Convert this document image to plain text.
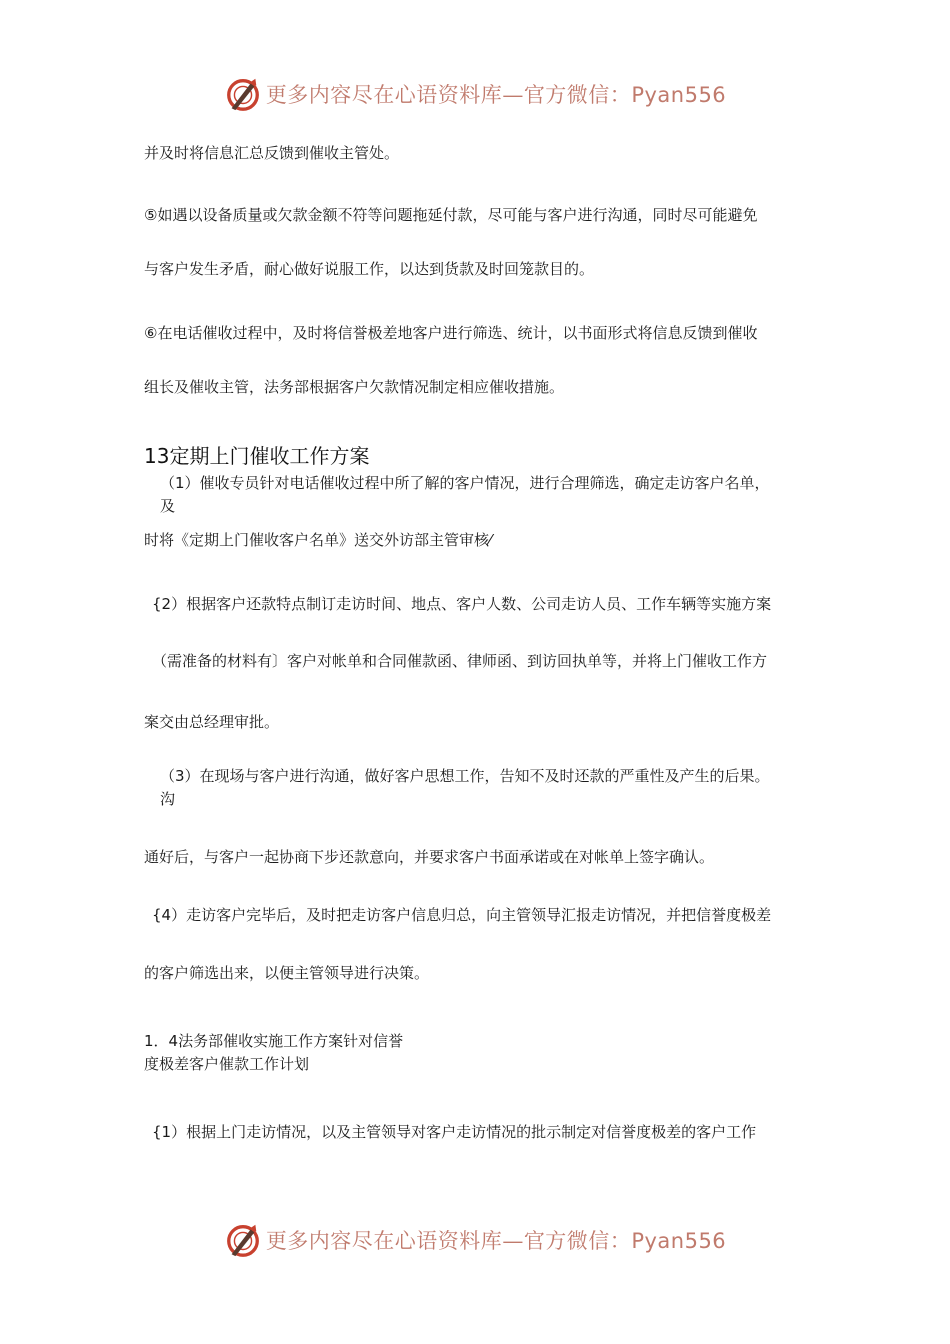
更多内容尽在心语资料库—官方微信：Pyan556
并及时将信息汇总反馈到催收主管处。
⑤如遇以设备质量或欠款金额不符等问题拖延付款，尽可能与客户进行沟通，同时尽可能避免
与客户发生矛盾，耐心做好说服工作，以达到货款及时回笼款目的。
⑥在电话催收过程中，及时将信誉极差地客户进行筛选、统计，以书面形式将信息反馈到催收
组长及催收主管，法务部根据客户欠款情况制定相应催收措施。
13定期上门催收工作方案
（1）催收专员针对电话催收过程中所了解的客户情况，进行合理筛选，确定走访客户名单，
及
时将《定期上门催收客户名单》送交外访部主管审核⁄
{2）根据客户还款特点制订走访时间、地点、客户人数、公司走访人员、工作车辆等实施方案
（需准备的材料有〕客户对帐单和合同催款函、律师函、到访回执单等，并将上门催收工作方
案交由总经理审批。
（3）在现场与客户进行沟通，做好客户思想工作，告知不及时还款的严重性及产生的后果。
沟
通好后，与客户一起协商下步还款意向，并要求客户书面承诺或在对帐单上签字确认。
{4）走访客户完毕后，及时把走访客户信息归总，向主管领导汇报走访情况，并把信誉度极差
的客户筛选出来，以便主管领导进行决策。
1．4法务部催收实施工作方案针对信誉
度极差客户催款工作计划
{1）根据上门走访情况，以及主管领导对客户走访情况的批示制定对信誉度极差的客户工作
更多内容尽在心语资料库—官方微信：Pyan556
